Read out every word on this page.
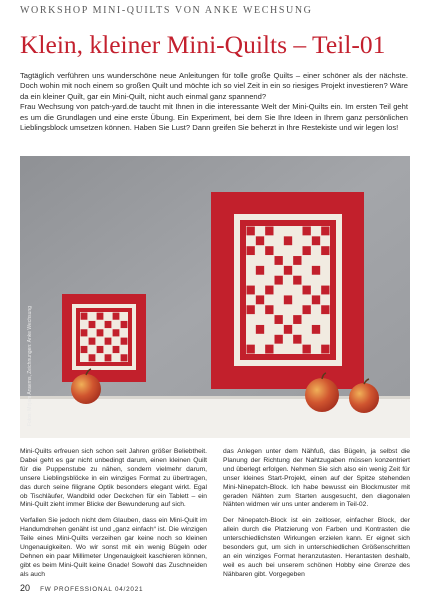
WORKSHOP MINI-QUILTS VON ANKE WECHSUNG
Klein, kleiner Mini-Quilts – Teil-01

Tagtäglich verführen uns wunderschöne neue Anleitungen für tolle große Quilts – einer schöner als der nächste. Doch wohin mit noch einem so großen Quilt und möchte ich so viel Zeit in ein so riesiges Projekt investieren? Wäre da ein kleiner Quilt, gar ein Mini-Quilt, nicht auch einmal ganz spannend?

Frau Wechsung von patch-yard.de taucht mit Ihnen in die interessante Welt der Mini-Quilts ein. Im ersten Teil geht es um die Grundlagen und eine erste Übung. Ein Experiment, bei dem Sie Ihre Ideen in Ihrem ganz persönlichen Lieblingsblock umsetzen können. Haben Sie Lust? Dann greifen Sie beherzt in Ihre Restekiste und wir legen los!

Fotos: Mirjam Ansems, Zeichnungen: Anke Wechsung

Mini-Quilts erfreuen sich schon seit Jahren größer Beliebtheit. Dabei geht es gar nicht unbedingt darum, einen kleinen Quilt für die Puppenstube zu nähen, sondern vielmehr darum, unsere Lieblingsblöcke in ein winziges Format zu übertragen, das durch seine filigrane Optik besonders elegant wirkt. Egal ob Tischläufer, Wandbild oder Deckchen für ein Tablett – ein Mini-Quilt zieht immer Blicke der Bewunderung auf sich.

Verfallen Sie jedoch nicht dem Glauben, dass ein Mini-Quilt im Handumdrehen genäht ist und „ganz einfach“ ist. Die winzigen Teile eines Mini-Quilts verzeihen gar keine noch so kleinen Ungenauigkeiten. Wo wir sonst mit ein wenig Bügeln oder Dehnen ein paar Millimeter Ungenauigkeit kaschieren können, gibt es beim Mini-Quilt keine Gnade! Sowohl das Zuschneiden als auch

das Anlegen unter dem Nähfuß, das Bügeln, ja selbst die Planung der Richtung der Nahtzugaben müssen konzentriert und überlegt erfolgen. Nehmen Sie sich also ein wenig Zeit für unser kleines Start-Projekt, einen auf der Spitze stehenden Mini-Ninepatch-Block. Ich habe bewusst ein Blockmuster mit geraden Nähten zum Starten ausgesucht, den diagonalen Nähten widmen wir uns unter anderem in Teil-02.

Der Ninepatch-Block ist ein zeitloser, einfacher Block, der allein durch die Platzierung von Farben und Kontrasten die unterschiedlichsten Wirkungen erzielen kann. Er eignet sich besonders gut, um sich in unterschiedlichen Größenschritten an ein winziges Format heranzutasten. Herantasten deshalb, weil es auch bei unserem schönen Hobby eine Grenze des Nähbaren gibt. Vorgegeben

20 FW PROFESSIONAL 04/2021
